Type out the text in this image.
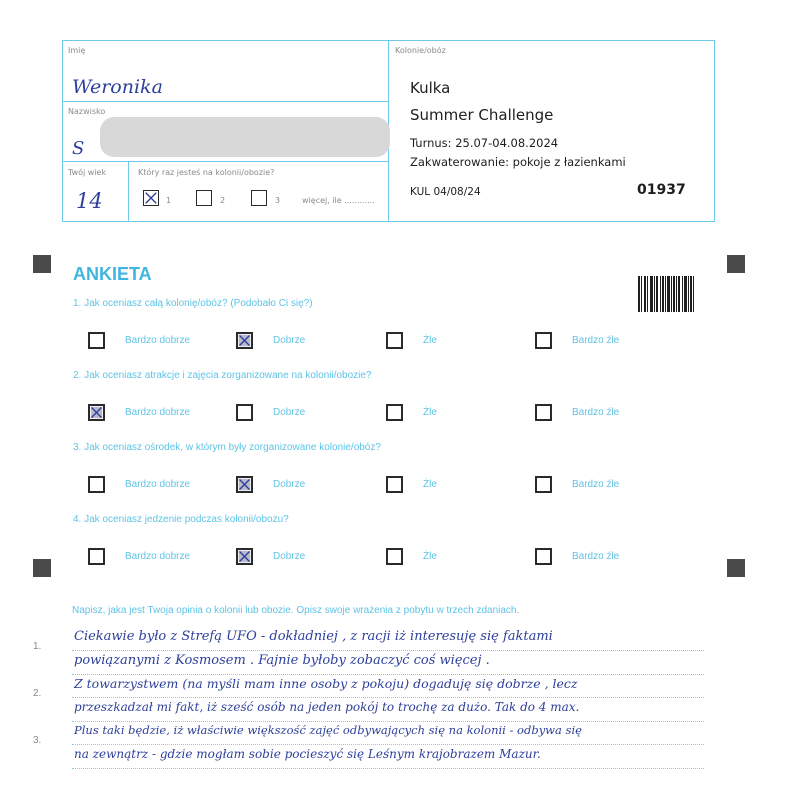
Imię
Weronika
Nazwisko
S
Twój wiek
14
Który raz jesteś na kolonii/obozie?
1	2	3	więcej, ile ............
Kolonie/obóz
Kulka
Summer Challenge
Turnus: 25.07-04.08.2024
Zakwaterowanie: pokoje z łazienkami
KUL 04/08/24	01937
ANKIETA
1. Jak oceniasz całą kolonię/obóz? (Podobało Ci się?)
Bardzo dobrze	Dobrze	Źle	Bardzo źle
2. Jak oceniasz atrakcje i zajęcia zorganizowane na kolonii/obozie?
Bardzo dobrze	Dobrze	Źle	Bardzo źle
3. Jak oceniasz ośrodek, w którym były zorganizowane kolonie/obóz?
Bardzo dobrze	Dobrze	Źle	Bardzo źle
4. Jak oceniasz jedzenie podczas kolonii/obozu?
Bardzo dobrze	Dobrze	Źle	Bardzo źle
Napisz, jaka jest Twoja opinia o kolonii lub obozie. Opisz swoje wrażenia z pobytu w trzech zdaniach.
1.
2.
3.
Ciekawie było z Strefą UFO - dokładniej , z racji iż interesuję się faktami
powiązanymi z Kosmosem . Fajnie byłoby zobaczyć coś więcej .
Z towarzystwem (na myśli mam inne osoby z pokoju) dogaduję się dobrze , lecz
przeszkadzał mi fakt, iż sześć osób na jeden pokój to trochę za dużo. Tak do 4 max.
Plus taki będzie, iż właściwie większość zajęć odbywających się na kolonii - odbywa się
na zewnątrz - gdzie mogłam sobie pocieszyć się Leśnym krajobrazem Mazur.
